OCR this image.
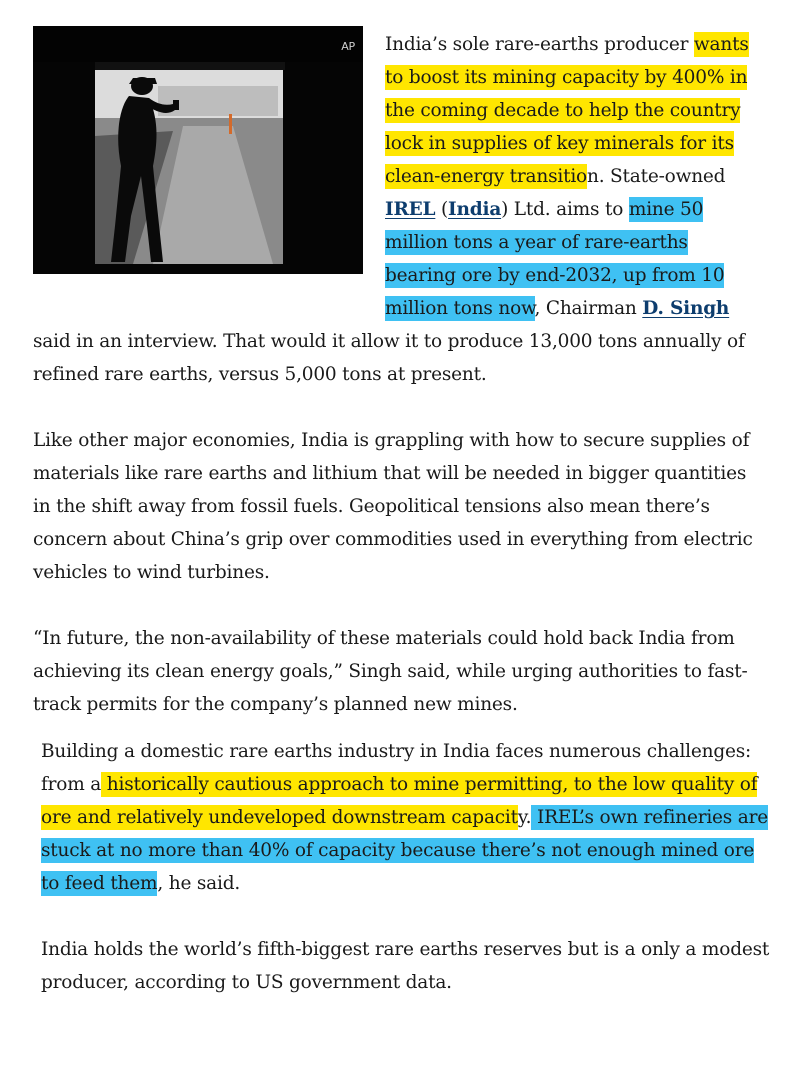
AP India’s sole rare-earths producer wants
to boost its mining capacity by 400% in
the coming decade to help the country
lock in supplies of key minerals for its
clean-energy transition. State-owned
IREL (India) Ltd. aims to mine 50
million tons a year of rare-earths
bearing ore by end-2032, up from 10
million tons now, Chairman D. Singh
said in an interview. That would it allow it to produce 13,000 tons annually of
refined rare earths, versus 5,000 tons at present.
Like other major economies, India is grappling with how to secure supplies of
materials like rare earths and lithium that will be needed in bigger quantities
in the shift away from fossil fuels. Geopolitical tensions also mean there’s
concern about China’s grip over commodities used in everything from electric
vehicles to wind turbines.
“In future, the non-availability of these materials could hold back India from
achieving its clean energy goals,” Singh said, while urging authorities to fast-
track permits for the company’s planned new mines.
Building a domestic rare earths industry in India faces numerous challenges:
from a historically cautious approach to mine permitting, to the low quality of
ore and relatively undeveloped downstream capacity. IREL’s own refineries are
stuck at no more than 40% of capacity because there’s not enough mined ore
to feed them, he said.
India holds the world’s fifth-biggest rare earths reserves but is a only a modest
producer, according to US government data.
